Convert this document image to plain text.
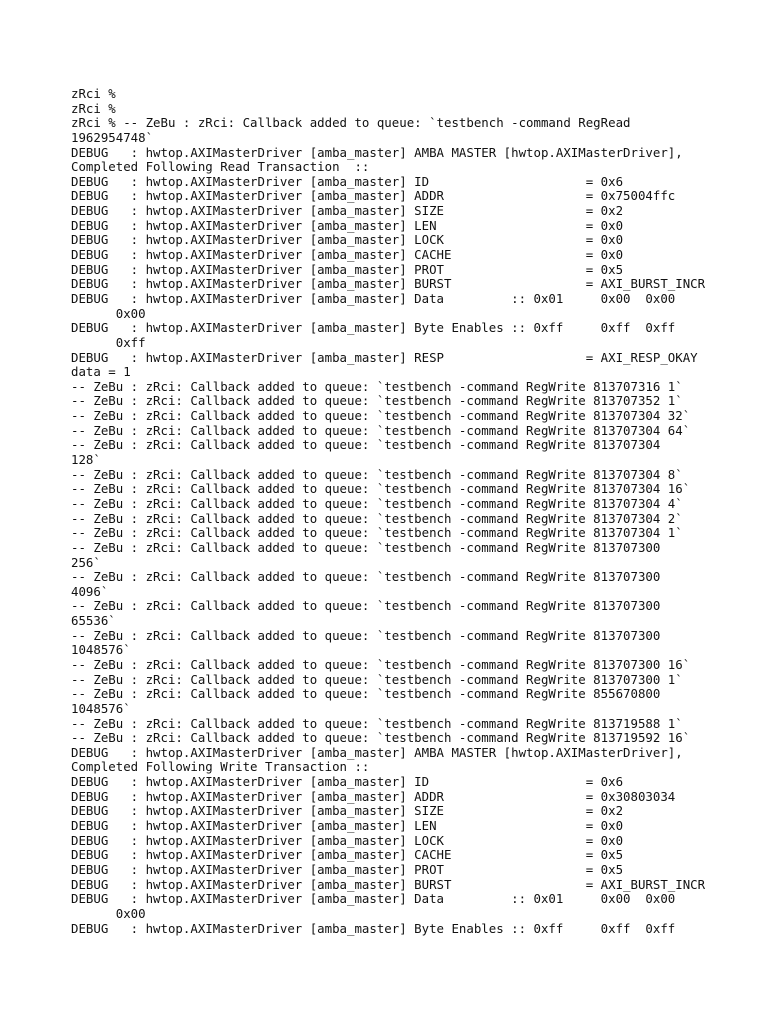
zRci %
zRci %
zRci % -- ZeBu : zRci: Callback added to queue: `testbench -command RegRead
1962954748`
DEBUG   : hwtop.AXIMasterDriver [amba_master] AMBA MASTER [hwtop.AXIMasterDriver],
Completed Following Read Transaction  ::
DEBUG   : hwtop.AXIMasterDriver [amba_master] ID                     = 0x6
DEBUG   : hwtop.AXIMasterDriver [amba_master] ADDR                   = 0x75004ffc
DEBUG   : hwtop.AXIMasterDriver [amba_master] SIZE                   = 0x2
DEBUG   : hwtop.AXIMasterDriver [amba_master] LEN                    = 0x0
DEBUG   : hwtop.AXIMasterDriver [amba_master] LOCK                   = 0x0
DEBUG   : hwtop.AXIMasterDriver [amba_master] CACHE                  = 0x0
DEBUG   : hwtop.AXIMasterDriver [amba_master] PROT                   = 0x5
DEBUG   : hwtop.AXIMasterDriver [amba_master] BURST                  = AXI_BURST_INCR
DEBUG   : hwtop.AXIMasterDriver [amba_master] Data         :: 0x01     0x00  0x00
0x00
DEBUG   : hwtop.AXIMasterDriver [amba_master] Byte Enables :: 0xff     0xff  0xff
0xff
DEBUG   : hwtop.AXIMasterDriver [amba_master] RESP                   = AXI_RESP_OKAY
data = 1
-- ZeBu : zRci: Callback added to queue: `testbench -command RegWrite 813707316 1`
-- ZeBu : zRci: Callback added to queue: `testbench -command RegWrite 813707352 1`
-- ZeBu : zRci: Callback added to queue: `testbench -command RegWrite 813707304 32`
-- ZeBu : zRci: Callback added to queue: `testbench -command RegWrite 813707304 64`
-- ZeBu : zRci: Callback added to queue: `testbench -command RegWrite 813707304
128`
-- ZeBu : zRci: Callback added to queue: `testbench -command RegWrite 813707304 8`
-- ZeBu : zRci: Callback added to queue: `testbench -command RegWrite 813707304 16`
-- ZeBu : zRci: Callback added to queue: `testbench -command RegWrite 813707304 4`
-- ZeBu : zRci: Callback added to queue: `testbench -command RegWrite 813707304 2`
-- ZeBu : zRci: Callback added to queue: `testbench -command RegWrite 813707304 1`
-- ZeBu : zRci: Callback added to queue: `testbench -command RegWrite 813707300
256`
-- ZeBu : zRci: Callback added to queue: `testbench -command RegWrite 813707300
4096`
-- ZeBu : zRci: Callback added to queue: `testbench -command RegWrite 813707300
65536`
-- ZeBu : zRci: Callback added to queue: `testbench -command RegWrite 813707300
1048576`
-- ZeBu : zRci: Callback added to queue: `testbench -command RegWrite 813707300 16`
-- ZeBu : zRci: Callback added to queue: `testbench -command RegWrite 813707300 1`
-- ZeBu : zRci: Callback added to queue: `testbench -command RegWrite 855670800
1048576`
-- ZeBu : zRci: Callback added to queue: `testbench -command RegWrite 813719588 1`
-- ZeBu : zRci: Callback added to queue: `testbench -command RegWrite 813719592 16`
DEBUG   : hwtop.AXIMasterDriver [amba_master] AMBA MASTER [hwtop.AXIMasterDriver],
Completed Following Write Transaction ::
DEBUG   : hwtop.AXIMasterDriver [amba_master] ID                     = 0x6
DEBUG   : hwtop.AXIMasterDriver [amba_master] ADDR                   = 0x30803034
DEBUG   : hwtop.AXIMasterDriver [amba_master] SIZE                   = 0x2
DEBUG   : hwtop.AXIMasterDriver [amba_master] LEN                    = 0x0
DEBUG   : hwtop.AXIMasterDriver [amba_master] LOCK                   = 0x0
DEBUG   : hwtop.AXIMasterDriver [amba_master] CACHE                  = 0x5
DEBUG   : hwtop.AXIMasterDriver [amba_master] PROT                   = 0x5
DEBUG   : hwtop.AXIMasterDriver [amba_master] BURST                  = AXI_BURST_INCR
DEBUG   : hwtop.AXIMasterDriver [amba_master] Data         :: 0x01     0x00  0x00
0x00
DEBUG   : hwtop.AXIMasterDriver [amba_master] Byte Enables :: 0xff     0xff  0xff
